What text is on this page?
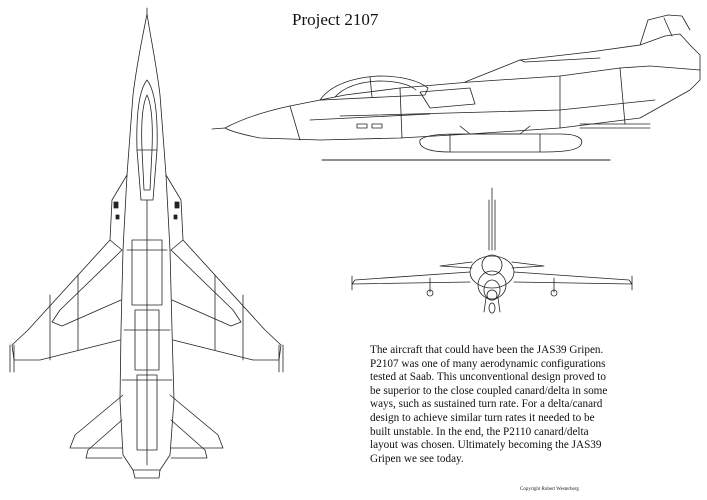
Project 2107

The aircraft that could have been the JAS39 Gripen.
P2107 was one of many aerodynamic configurations
tested at Saab. This unconventional design proved to
be superior to the close coupled canard/delta in some
ways, such as sustained turn rate. For a delta/canard
design to achieve similar turn rates it needed to be
built unstable. In the end, the P2110 canard/delta
layout was chosen. Ultimately becoming the JAS39
Gripen we see today.

Copyright Robert Westerberg
